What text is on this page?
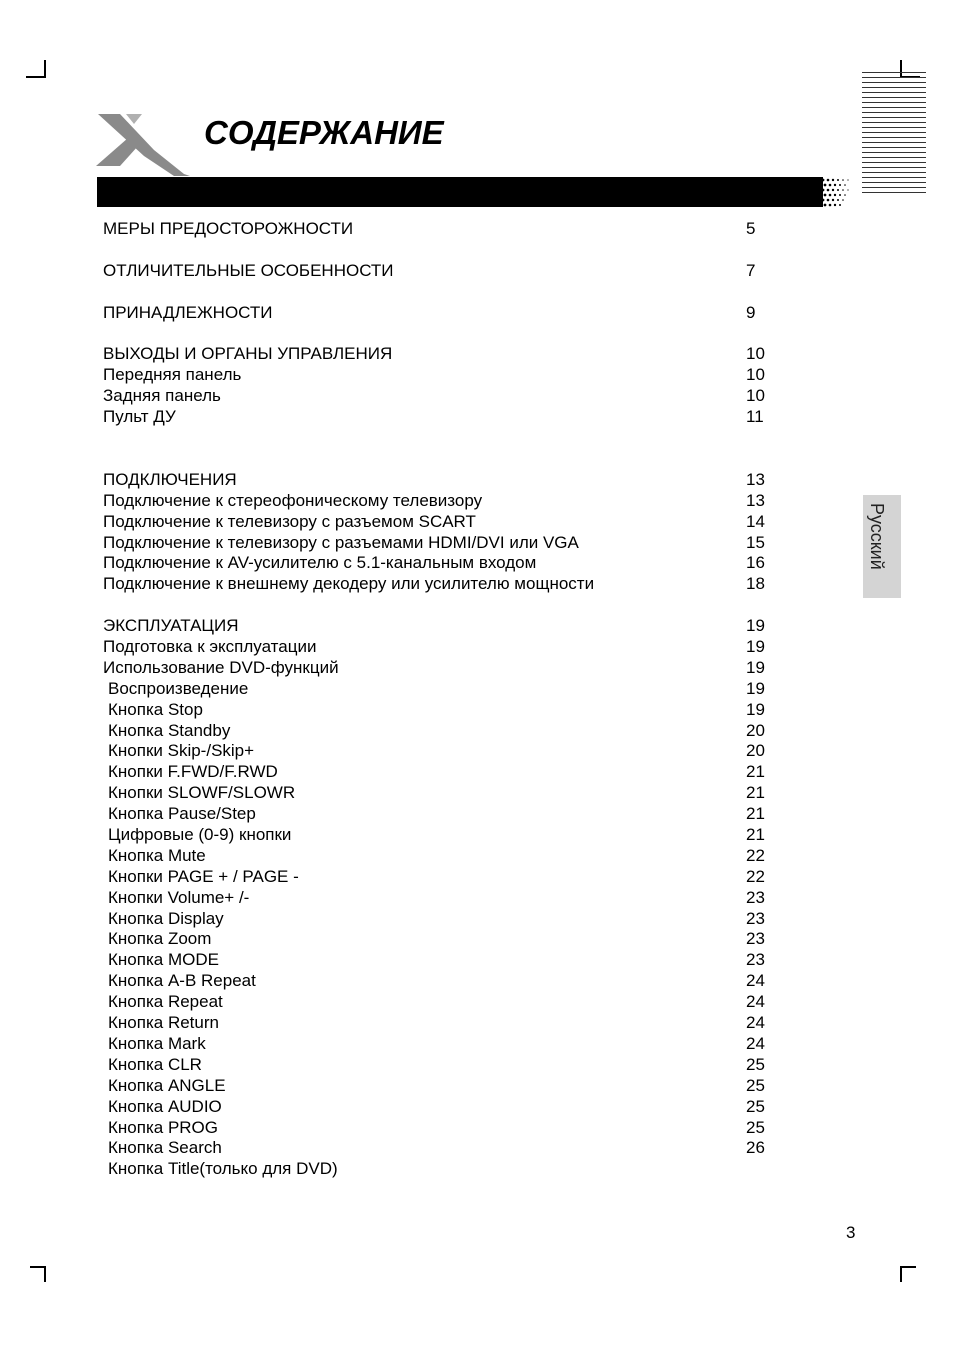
СОДЕРЖАНИЕ
МЕРЫ ПРЕДОСТОРОЖНОСТИ	5
ОТЛИЧИТЕЛЬНЫЕ ОСОБЕННОСТИ	7
ПРИНАДЛЕЖНОСТИ	9
ВЫХОДЫ И ОРГАНЫ УПРАВЛЕНИЯ	10
Передняя панель	10
Задняя панель	10
Пульт ДУ	11
ПОДКЛЮЧЕНИЯ	13
Подключение к стереофоническому телевизору	13
Подключение к телевизору с разъемом SCART	14
Подключение к телевизору с разъемами HDMI/DVI или VGA	15
Подключение к AV-усилителю с 5.1-канальным входом	16
Подключение к внешнему декодеру или усилителю мощности	18
ЭКСПЛУАТАЦИЯ	19
Подготовка к эксплуатации	19
Использование DVD-функций	19
Воспроизведение	19
Кнопка Stop	19
Кнопка Standby	20
Кнопки Skip-/Skip+	20
Кнопки F.FWD/F.RWD	21
Кнопки SLOWF/SLOWR	21
Кнопка Pause/Step	21
Цифровые (0-9) кнопки	21
Кнопка Mute	22
Кнопки PAGE + / PAGE -	22
Кнопки Volume+ /-	23
Кнопка Display	23
Кнопка Zoom	23
Кнопка MODE	23
Кнопка A-B Repeat	24
Кнопка Repeat	24
Кнопка Return	24
Кнопка Mark	24
Кнопка CLR	25
Кнопка ANGLE	25
Кнопка AUDIO	25
Кнопка PROG	25
Кнопка Search	26
Кнопка Title(только для DVD)
Русский
3
